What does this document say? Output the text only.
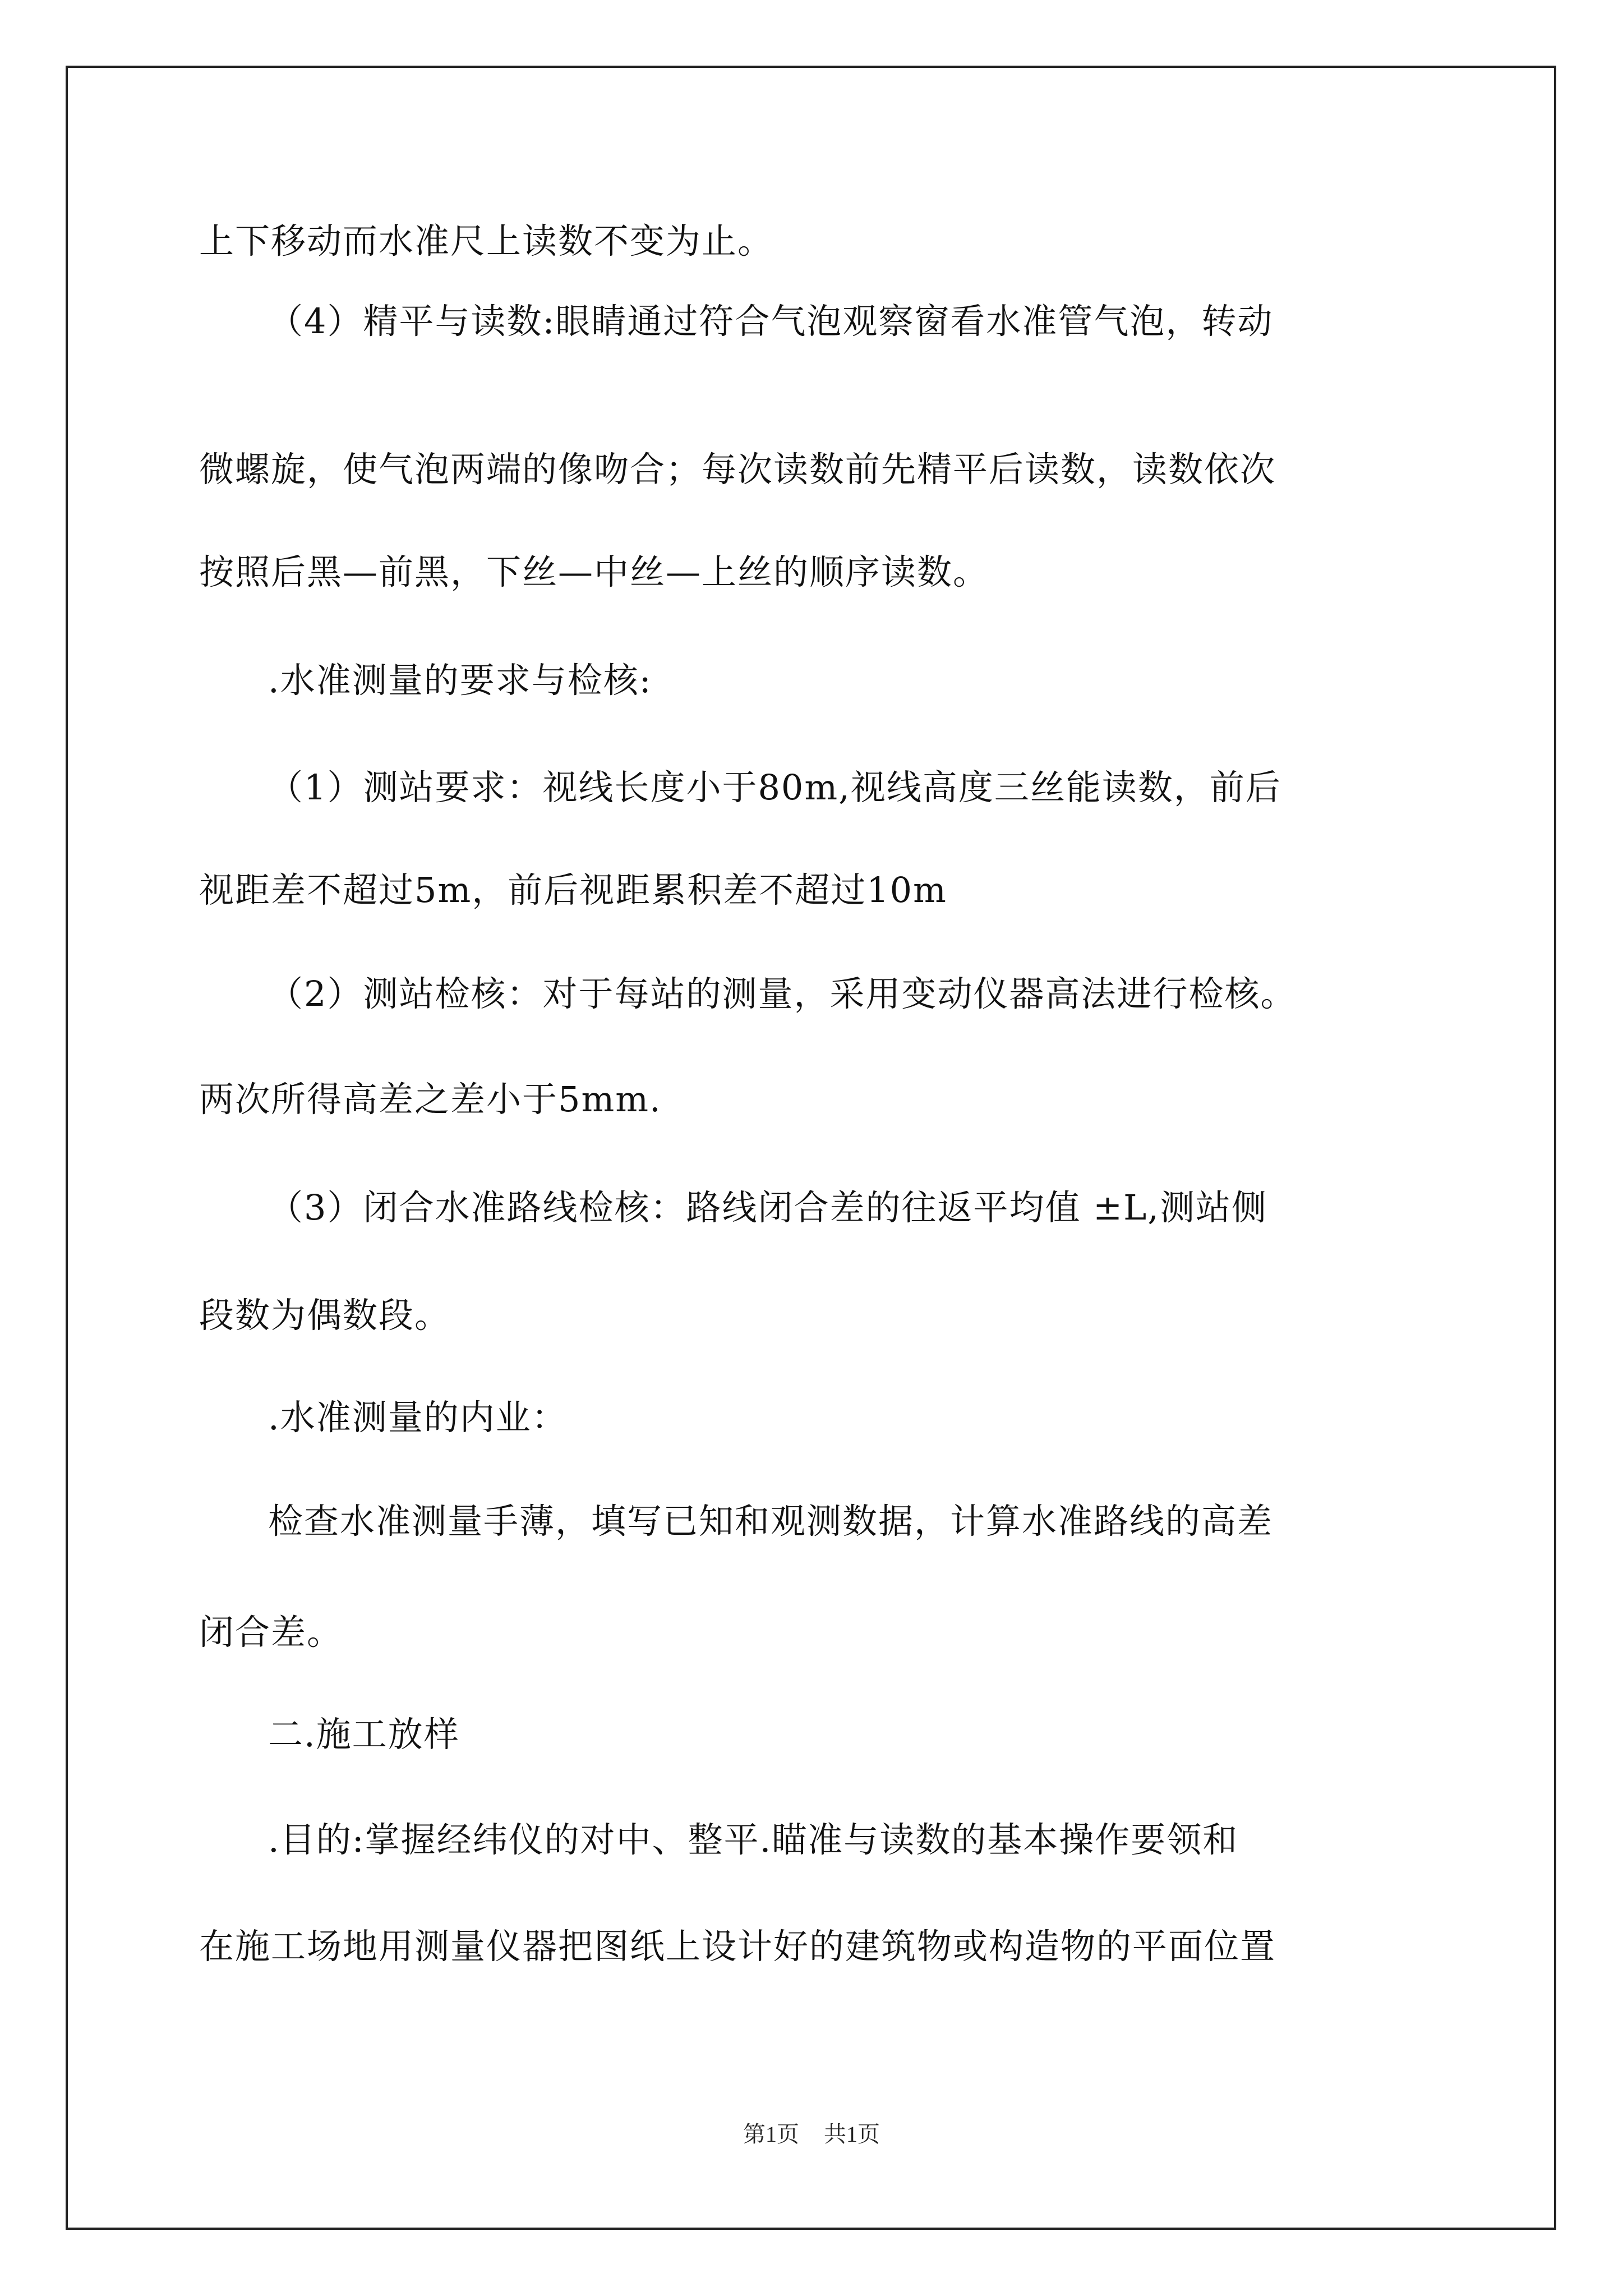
上下移动而水准尺上读数不变为止。
（4）精平与读数:眼睛通过符合气泡观察窗看水准管气泡，转动
微螺旋，使气泡两端的像吻合；每次读数前先精平后读数，读数依次
按照后黑—前黑，下丝—中丝—上丝的顺序读数。
.水准测量的要求与检核:
（1）测站要求：视线长度小于80m,视线高度三丝能读数，前后
视距差不超过5m，前后视距累积差不超过10m
（2）测站检核：对于每站的测量，采用变动仪器高法进行检核。
两次所得高差之差小于5mm.
（3）闭合水准路线检核：路线闭合差的往返平均值 ±L,测站侧
段数为偶数段。
.水准测量的内业：
检查水准测量手薄，填写已知和观测数据，计算水准路线的高差
闭合差。
二.施工放样
.目的:掌握经纬仪的对中、整平.瞄准与读数的基本操作要领和
在施工场地用测量仪器把图纸上设计好的建筑物或构造物的平面位置
第1页 共1页
